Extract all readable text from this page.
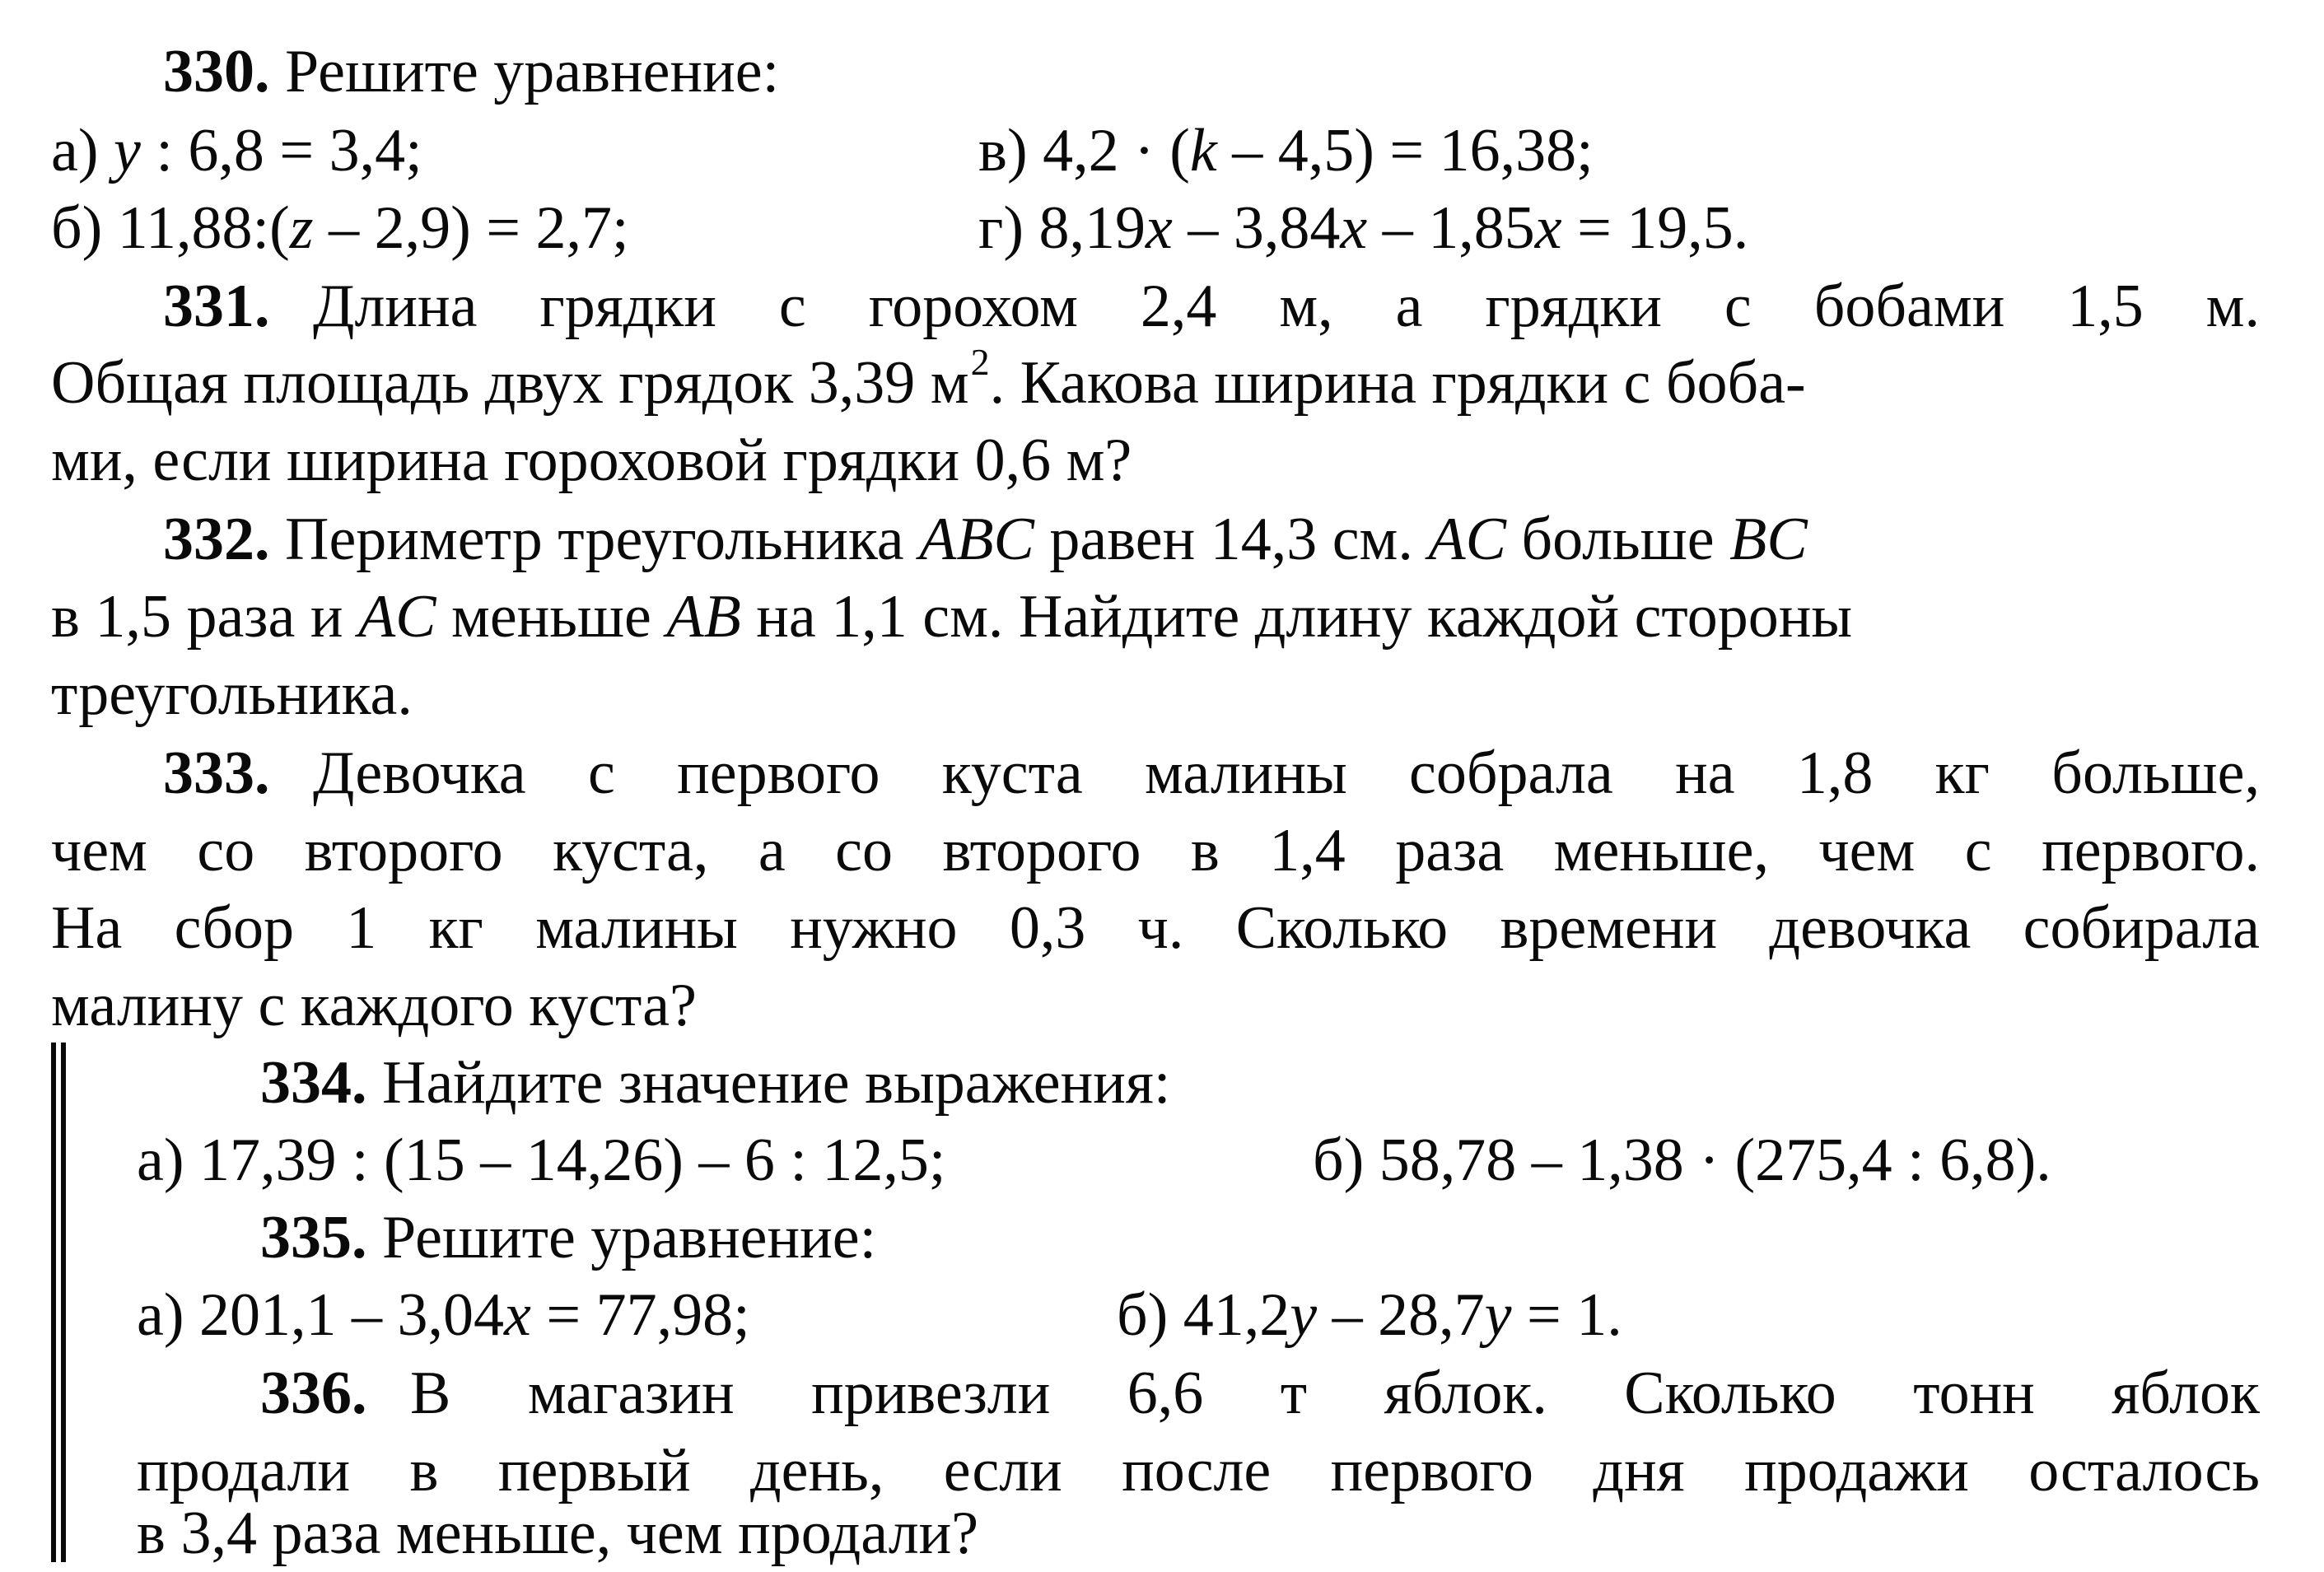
330. Решите уравнение:
а) y : 6,8 = 3,4;	в) 4,2 · (k – 4,5) = 16,38;
б) 11,88:(z – 2,9) = 2,7;	г) 8,19x – 3,84x – 1,85x = 19,5.
331. Длина грядки с горохом 2,4 м, а грядки с бобами 1,5 м.
Общая площадь двух грядок 3,39 $м^2$. Какова ширина грядки с боба-
ми, если ширина гороховой грядки 0,6 м?
332. Периметр треугольника ABC равен 14,3 см. AC больше BC
в 1,5 раза и AC меньше AB на 1,1 см. Найдите длину каждой стороны
треугольника.
333. Девочка с первого куста малины собрала на 1,8 кг больше,
чем со второго куста, а со второго в 1,4 раза меньше, чем с первого.
На сбор 1 кг малины нужно 0,3 ч. Сколько времени девочка собирала
малину с каждого куста?
334. Найдите значение выражения:
а) 17,39 : (15 – 14,26) – 6 : 12,5;	б) 58,78 – 1,38 · (275,4 : 6,8).
335. Решите уравнение:
а) 201,1 – 3,04x = 77,98;	б) 41,2y – 28,7y = 1.
336. В магазин привезли 6,6 т яблок. Сколько тонн яблок
продали в первый день, если после первого дня продажи осталось
в 3,4 раза меньше, чем продали?
